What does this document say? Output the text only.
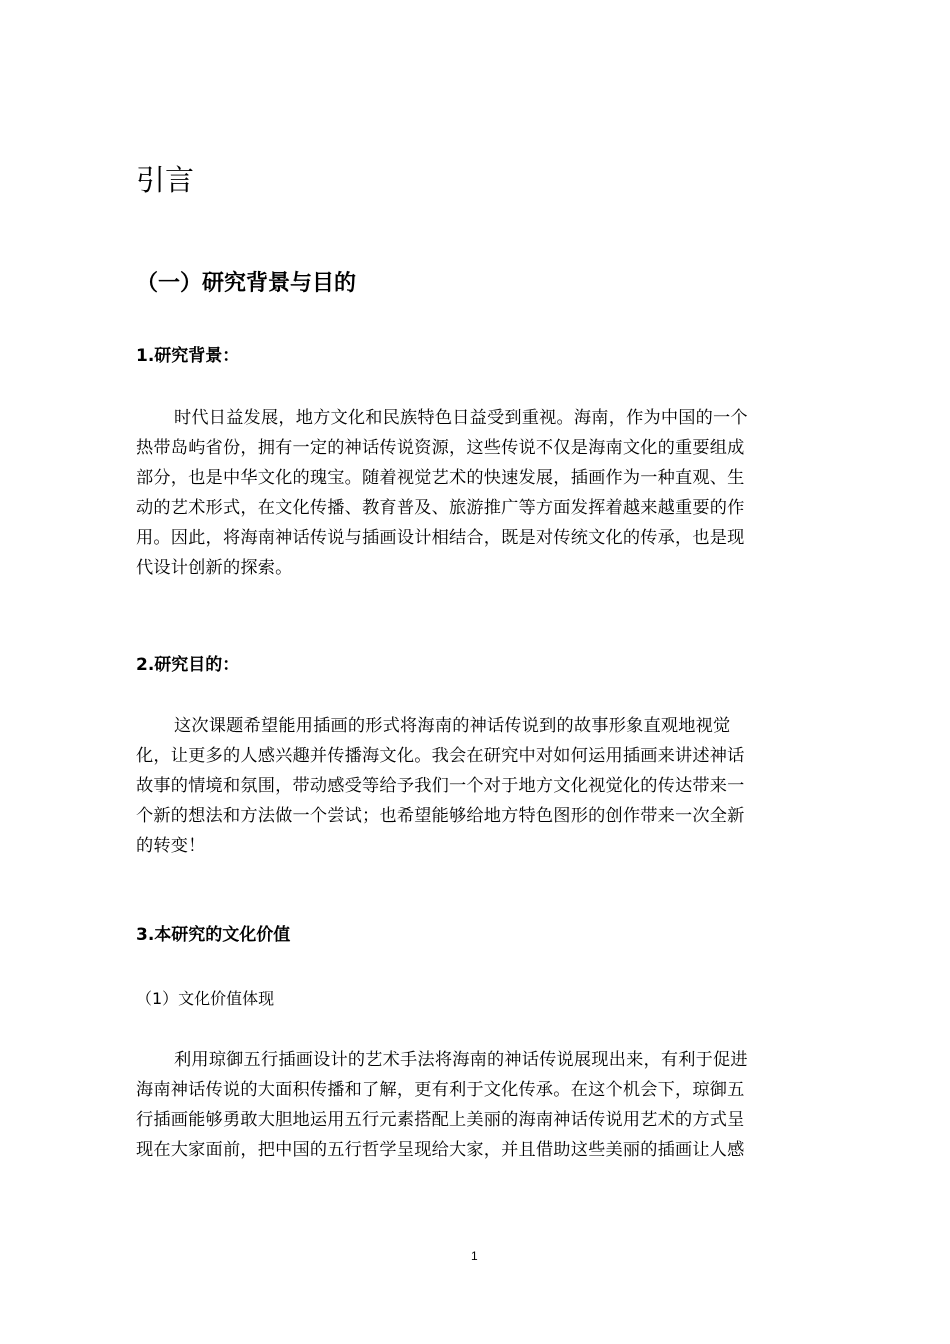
引言
（一）研究背景与目的
1.研究背景：
时代日益发展，地方文化和民族特色日益受到重视。海南，作为中国的一个
热带岛屿省份，拥有一定的神话传说资源，这些传说不仅是海南文化的重要组成
部分，也是中华文化的瑰宝。随着视觉艺术的快速发展，插画作为一种直观、生
动的艺术形式，在文化传播、教育普及、旅游推广等方面发挥着越来越重要的作
用。因此，将海南神话传说与插画设计相结合，既是对传统文化的传承，也是现
代设计创新的探索。
2.研究目的：
这次课题希望能用插画的形式将海南的神话传说到的故事形象直观地视觉
化，让更多的人感兴趣并传播海文化。我会在研究中对如何运用插画来讲述神话
故事的情境和氛围，带动感受等给予我们一个对于地方文化视觉化的传达带来一
个新的想法和方法做一个尝试；也希望能够给地方特色图形的创作带来一次全新
的转变！
3.本研究的文化价值
（1）文化价值体现
利用琼御五行插画设计的艺术手法将海南的神话传说展现出来，有利于促进
海南神话传说的大面积传播和了解，更有利于文化传承。在这个机会下，琼御五
行插画能够勇敢大胆地运用五行元素搭配上美丽的海南神话传说用艺术的方式呈
现在大家面前，把中国的五行哲学呈现给大家，并且借助这些美丽的插画让人感
1
